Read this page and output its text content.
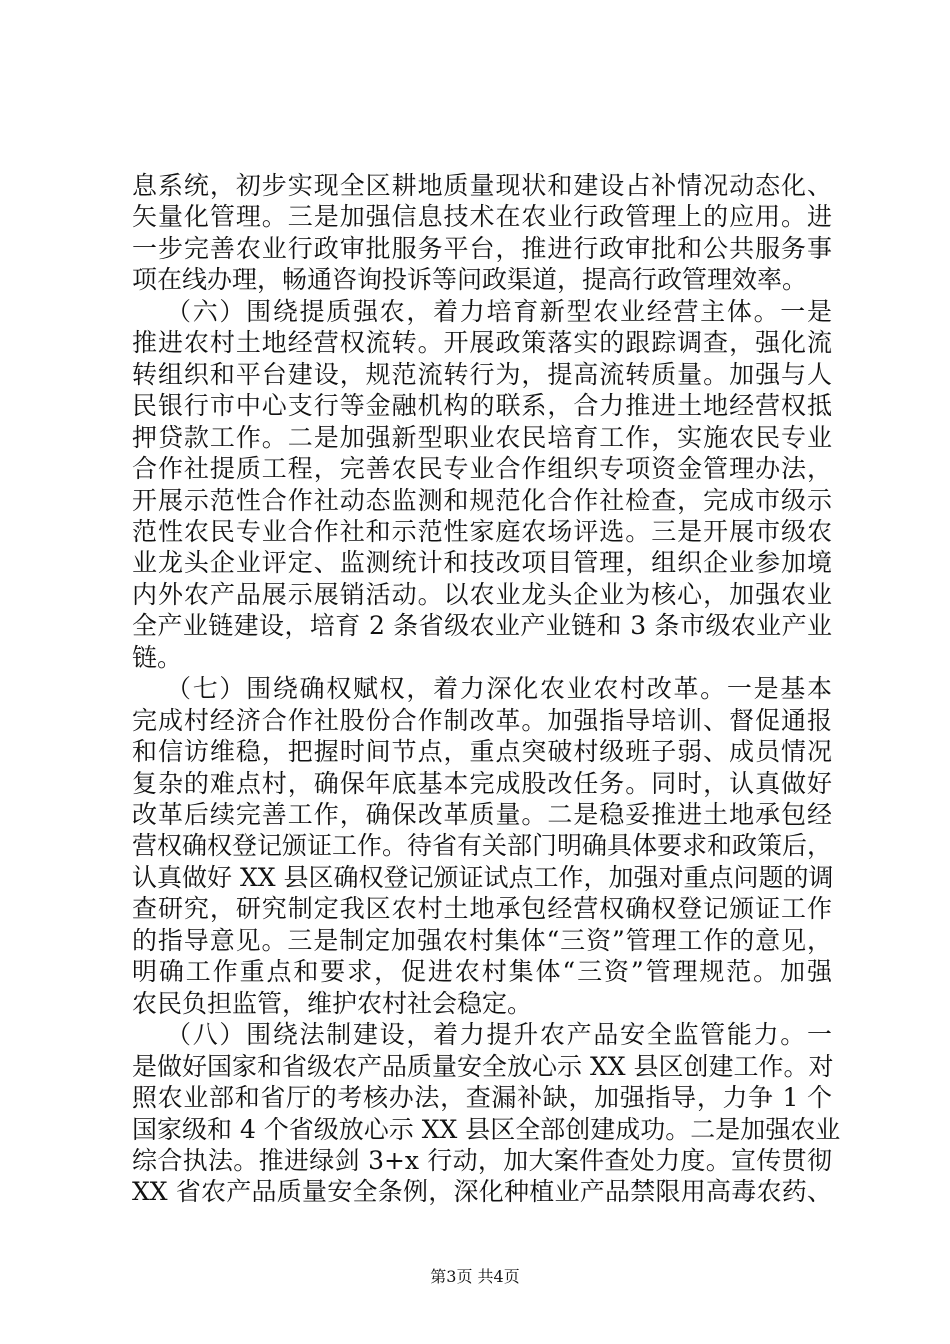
息系统，初步实现全区耕地质量现状和建设占补情况动态化、
矢量化管理。三是加强信息技术在农业行政管理上的应用。进
一步完善农业行政审批服务平台，推进行政审批和公共服务事
项在线办理，畅通咨询投诉等问政渠道，提高行政管理效率。
（六）围绕提质强农，着力培育新型农业经营主体。一是
推进农村土地经营权流转。开展政策落实的跟踪调查，强化流
转组织和平台建设，规范流转行为，提高流转质量。加强与人
民银行市中心支行等金融机构的联系，合力推进土地经营权抵
押贷款工作。二是加强新型职业农民培育工作，实施农民专业
合作社提质工程，完善农民专业合作组织专项资金管理办法，
开展示范性合作社动态监测和规范化合作社检查，完成市级示
范性农民专业合作社和示范性家庭农场评选。三是开展市级农
业龙头企业评定、监测统计和技改项目管理，组织企业参加境
内外农产品展示展销活动。以农业龙头企业为核心，加强农业
全产业链建设，培育 2 条省级农业产业链和 3 条市级农业产业
链。
（七）围绕确权赋权，着力深化农业农村改革。一是基本
完成村经济合作社股份合作制改革。加强指导培训、督促通报
和信访维稳，把握时间节点，重点突破村级班子弱、成员情况
复杂的难点村，确保年底基本完成股改任务。同时，认真做好
改革后续完善工作，确保改革质量。二是稳妥推进土地承包经
营权确权登记颁证工作。待省有关部门明确具体要求和政策后，
认真做好 XX 县区确权登记颁证试点工作，加强对重点问题的调
查研究，研究制定我区农村土地承包经营权确权登记颁证工作
的指导意见。三是制定加强农村集体“三资”管理工作的意见，
明确工作重点和要求，促进农村集体“三资”管理规范。加强
农民负担监管，维护农村社会稳定。
（八）围绕法制建设，着力提升农产品安全监管能力。一
是做好国家和省级农产品质量安全放心示 XX 县区创建工作。对
照农业部和省厅的考核办法，查漏补缺，加强指导，力争 1 个
国家级和 4 个省级放心示 XX 县区全部创建成功。二是加强农业
综合执法。推进绿剑 3+x 行动，加大案件查处力度。宣传贯彻
XX 省农产品质量安全条例，深化种植业产品禁限用高毒农药、
第3页 共4页
